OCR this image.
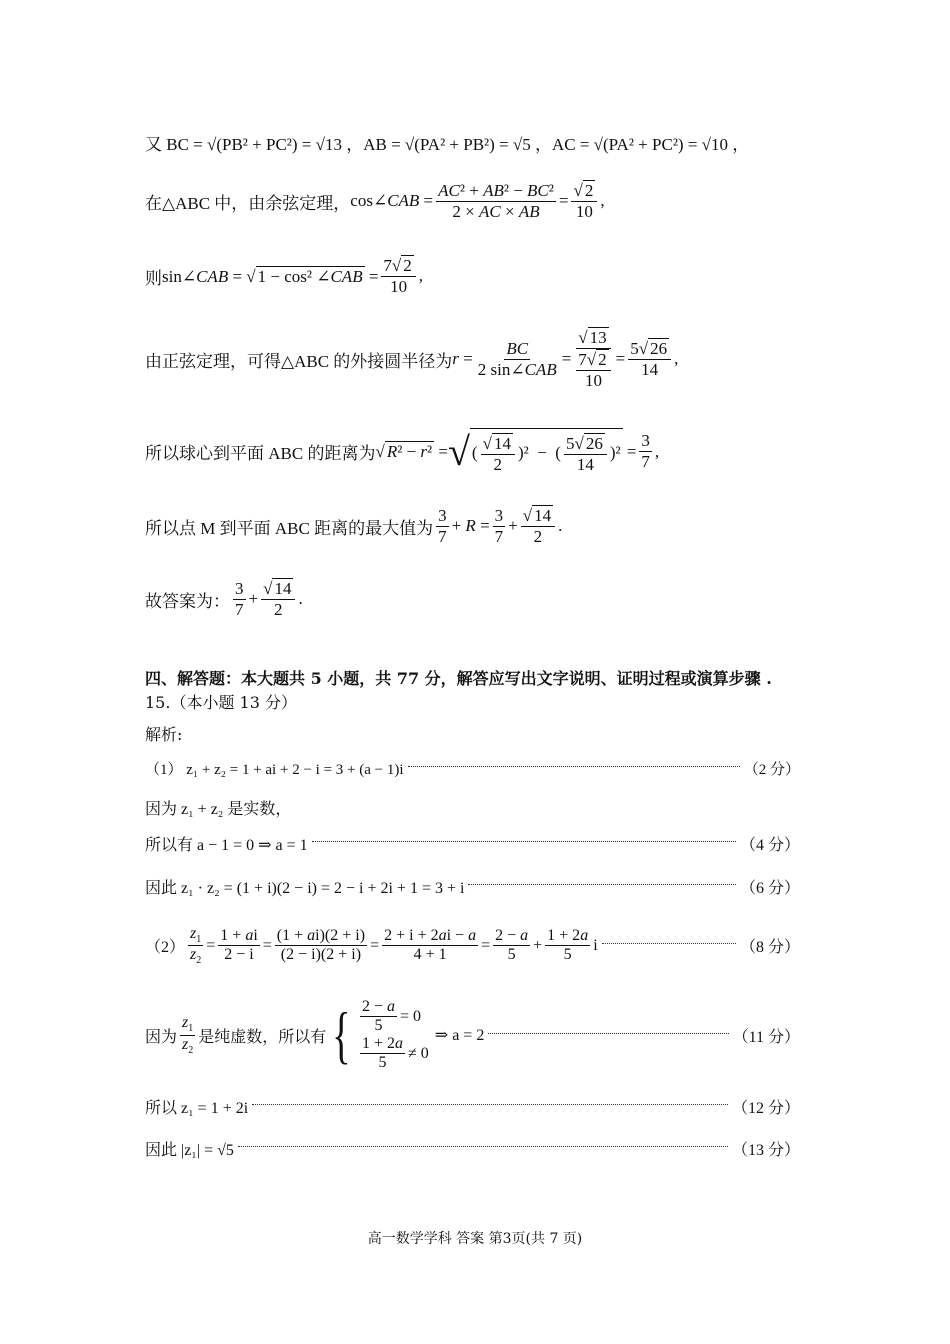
又 BC = √(PB² + PC²) = √13 ，AB = √(PA² + PB²) = √5 ，AC = √(PA² + PC²) = √10 ，
在△ABC 中，由余弦定理， cos∠CAB = $\frac{\text{AC² + AB² − BC²}}{2 \times AC \times AB} = \frac{√ 2}{10}$ ,
则 sin∠CAB = √ 1 − cos² ∠CAB = $\frac{7√ 2}{10}$ ,
由正弦定理，可得△ABC 的外接圆半径为 $r = \frac{BC}{\text{2 sin∠CAB}} = \frac{√ 13}{\frac{7√ 2}{10}} = \frac{5√ 26}{14}$ ,
所以球心到平面 ABC 的距离为 √ R² − r² = √ ( $\frac{√ 14}{2} )^2$  −  ( $\frac{5√ 26}{14} )^2 = \frac{3}{7}$ ,
所以点 M 到平面 ABC 距离的最大值为 $\frac{3}{7} + R = \frac{3}{7} + \frac{√ 14}{2}$ .
故答案为： $\frac{3}{7} + \frac{√ 14}{2}$ .
四、解答题：本大题共 5 小题，共 77 分，解答应写出文字说明、证明过程或演算步骤 .
15.（本小题 13 分）
解析:
（1） z₁ + z₂ = 1 + ai + 2 − i = 3 + (a − 1)i	（2 分）
因为 z₁ + z₂ 是实数，
所以有 a − 1 = 0 ⇒ a = 1	（4 分）
因此 z₁ · z₂ = (1 + i)(2 − i) = 2 − i + 2i + 1 = 3 + i	（6 分）
$(2) \frac{z_1}{z_2} = \frac{1 + ai}{2 - i} = \frac{(1 + ai)(2 + i)}{(2 - i)(2 + i)} = \frac{2 + i + 2ai - a}{4 + 1} = \frac{2 - a}{5} + \frac{1 + 2a}{5}$ i	（8 分）
因为 $\frac{z_1}{z_2}$ 是纯虚数，所以有 { $\frac{2 - a}{5} = 0$
$\frac{1 + 2a}{5} \ne 0$
⇒ a = 2	（11 分）
所以 z₁ = 1 + 2i	（12 分）
因此 |z₁| = √5	（13 分）
高一数学学科 答案 第3页(共 7 页)
